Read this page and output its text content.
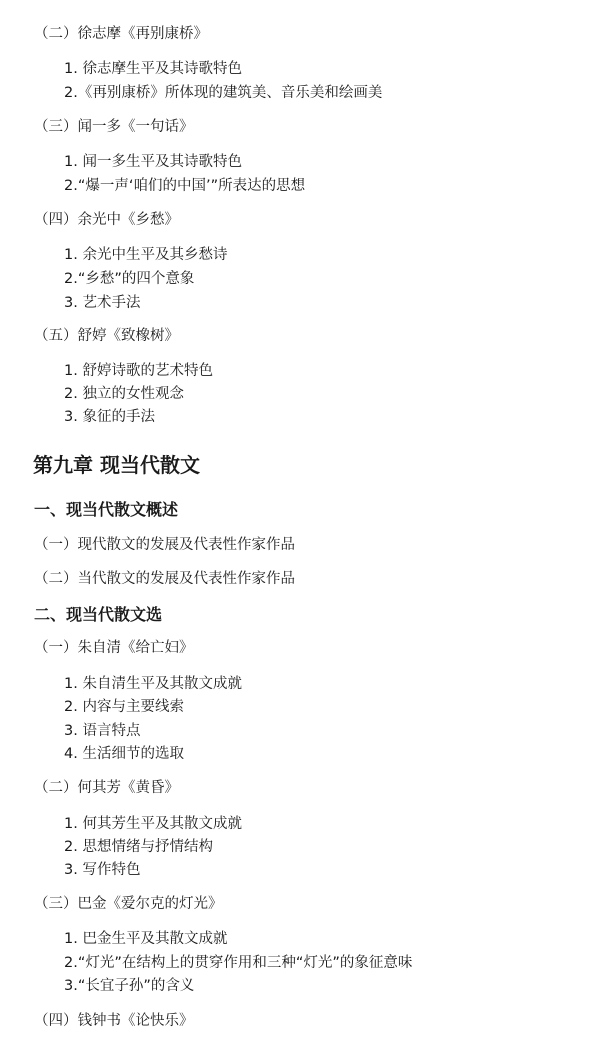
（二）徐志摩《再别康桥》
1. 徐志摩生平及其诗歌特色
2.《再别康桥》所体现的建筑美、音乐美和绘画美
（三）闻一多《一句话》
1. 闻一多生平及其诗歌特色
2.“爆一声‘咱们的中国’”所表达的思想
（四）余光中《乡愁》
1. 余光中生平及其乡愁诗
2.“乡愁”的四个意象
3. 艺术手法
（五）舒婷《致橡树》
1. 舒婷诗歌的艺术特色
2. 独立的女性观念
3. 象征的手法
第九章 现当代散文
一、现当代散文概述
（一）现代散文的发展及代表性作家作品
（二）当代散文的发展及代表性作家作品
二、现当代散文选
（一）朱自清《给亡妇》
1. 朱自清生平及其散文成就
2. 内容与主要线索
3. 语言特点
4. 生活细节的选取
（二）何其芳《黄昏》
1. 何其芳生平及其散文成就
2. 思想情绪与抒情结构
3. 写作特色
（三）巴金《爱尔克的灯光》
1. 巴金生平及其散文成就
2.“灯光”在结构上的贯穿作用和三种“灯光”的象征意味
3.“长宜子孙”的含义
（四）钱钟书《论快乐》
